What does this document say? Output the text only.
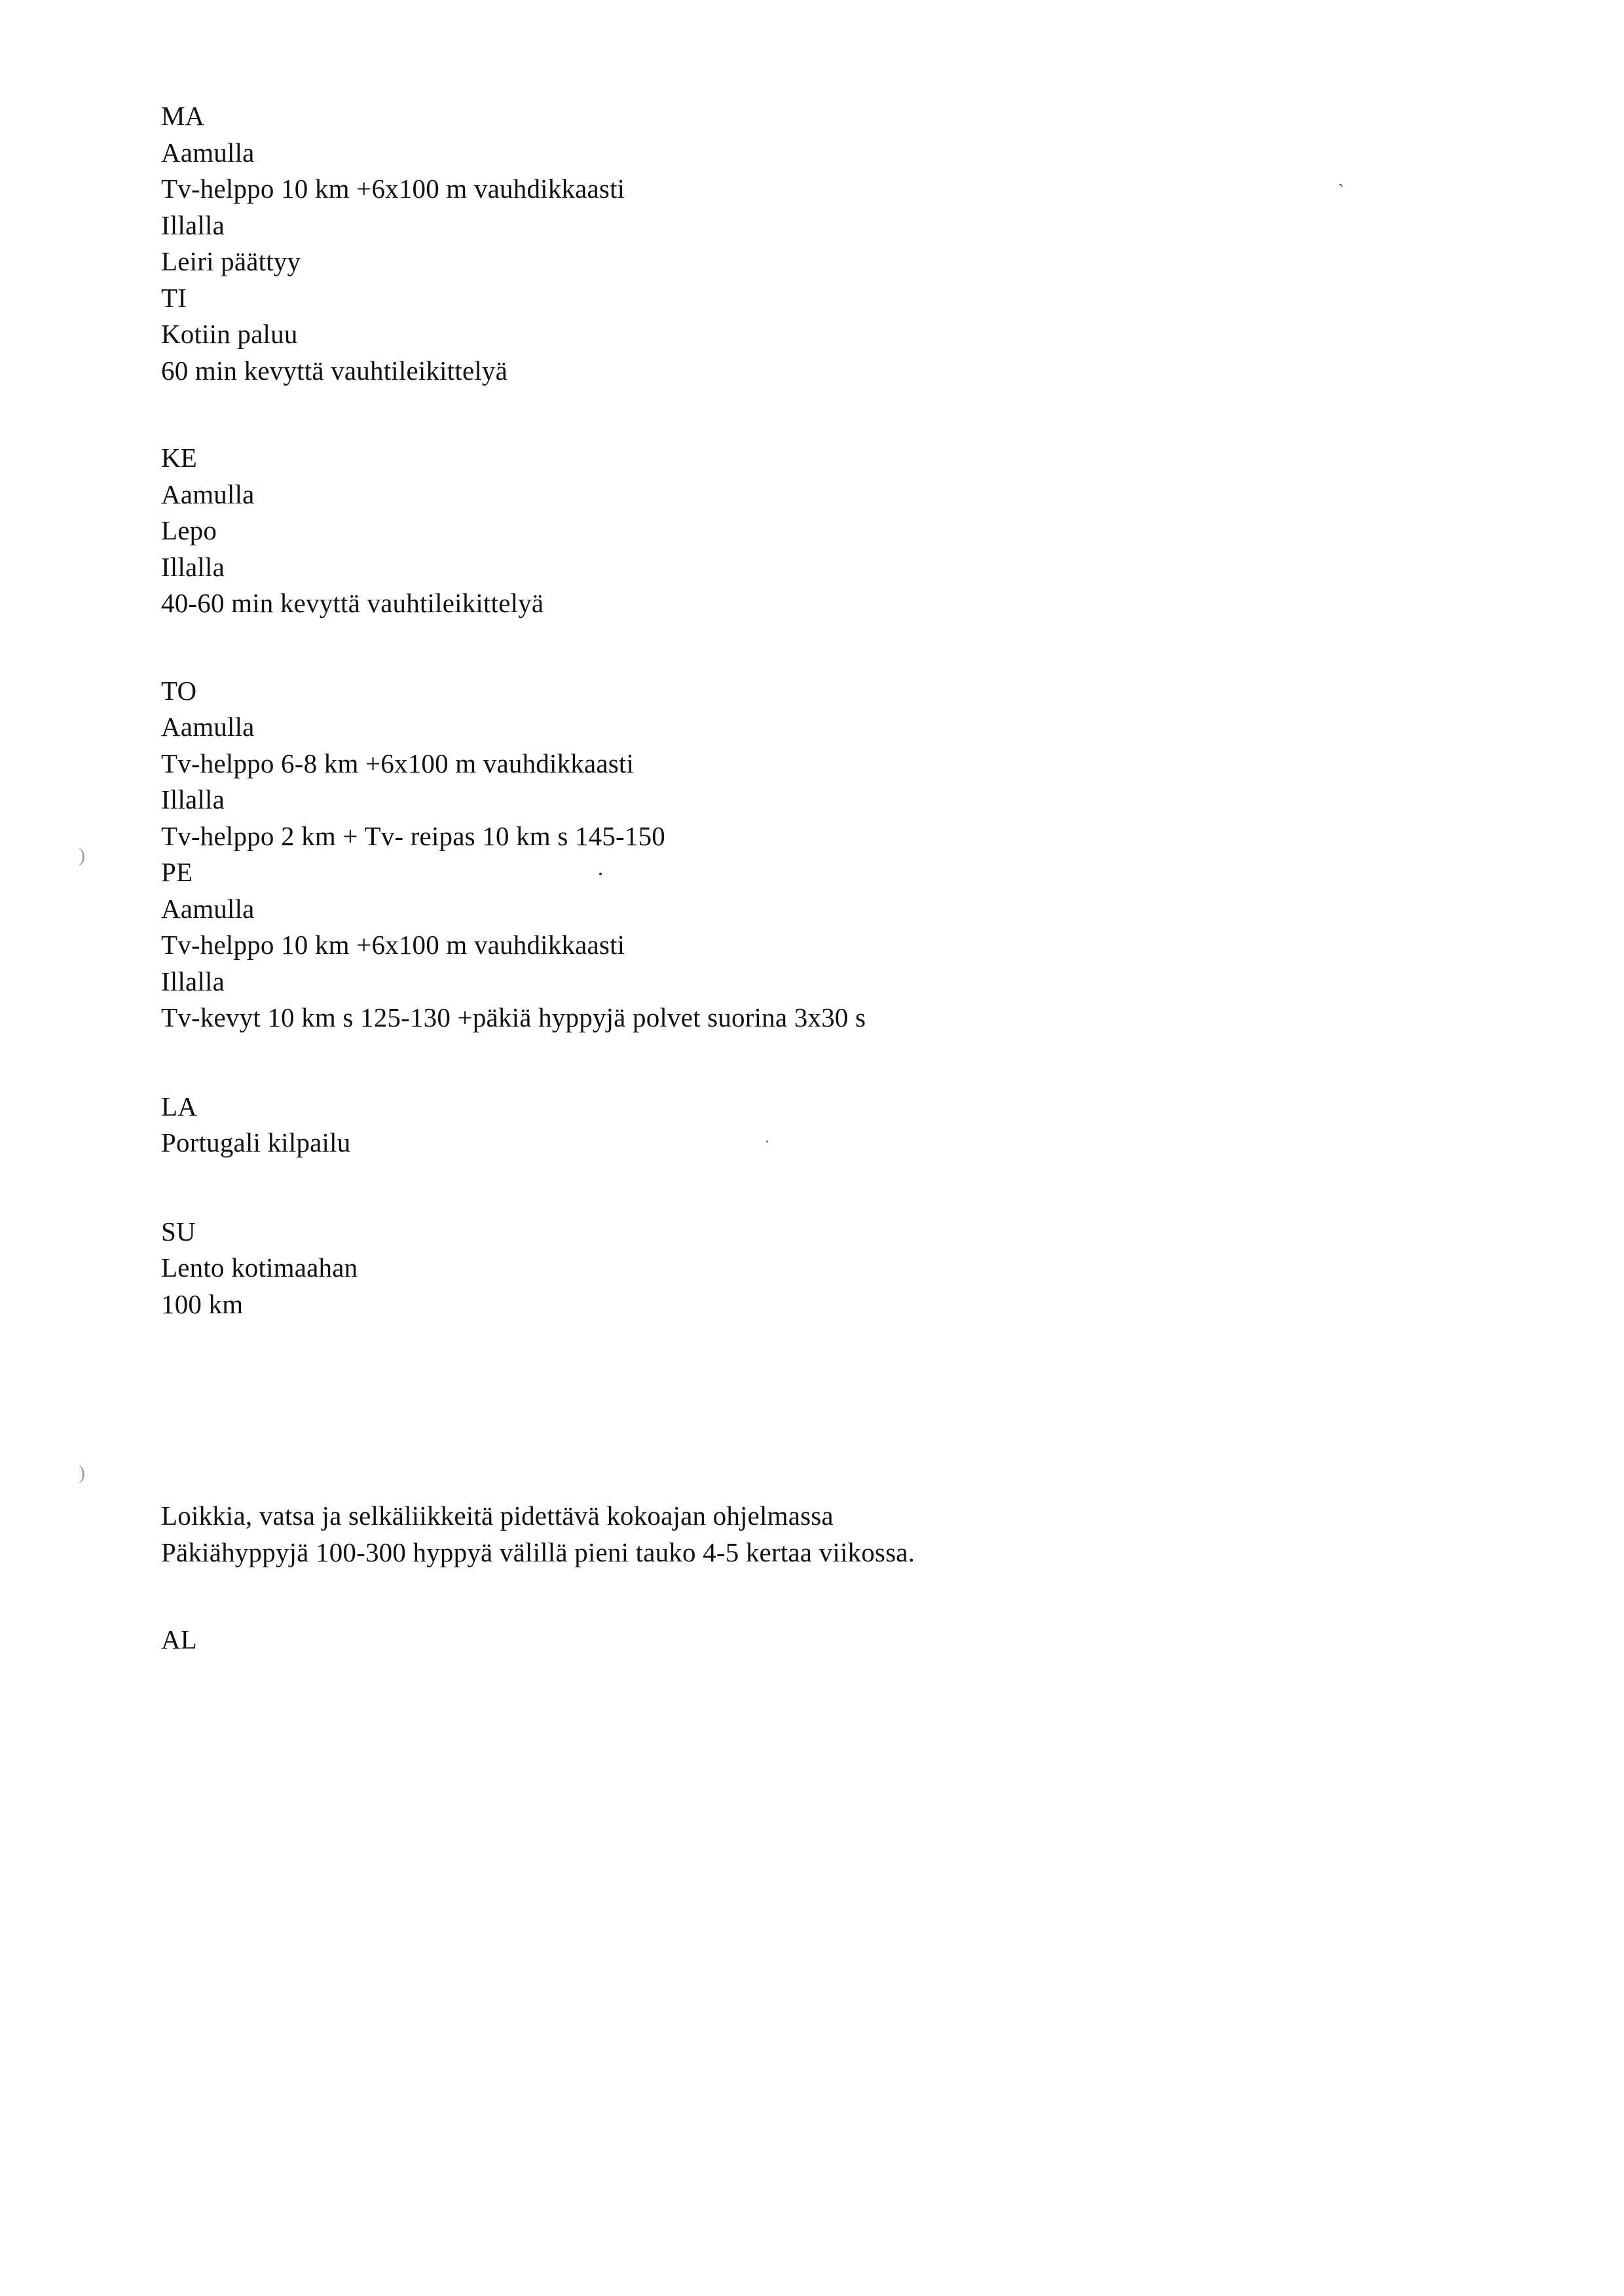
MA
Aamulla
Tv-helppo 10 km +6x100 m vauhdikkaasti
Illalla
Leiri päättyy
TI
Kotiin paluu
60 min kevyttä vauhtileikittelyä
KE
Aamulla
Lepo
Illalla
40-60 min kevyttä vauhtileikittelyä
TO
Aamulla
Tv-helppo 6-8 km +6x100 m vauhdikkaasti
Illalla
Tv-helppo 2 km + Tv- reipas 10 km s 145-150
PE
Aamulla
Tv-helppo 10 km +6x100 m vauhdikkaasti
Illalla
Tv-kevyt 10 km s 125-130 +päkiä hyppyjä polvet suorina 3x30 s
LA
Portugali kilpailu
SU
Lento kotimaahan
100 km
Loikkia, vatsa ja selkäliikkeitä pidettävä kokoajan ohjelmassa
Päkiähyppyjä 100-300 hyppyä välillä pieni tauko 4-5 kertaa viikossa.
AL
)
)
ˏ
